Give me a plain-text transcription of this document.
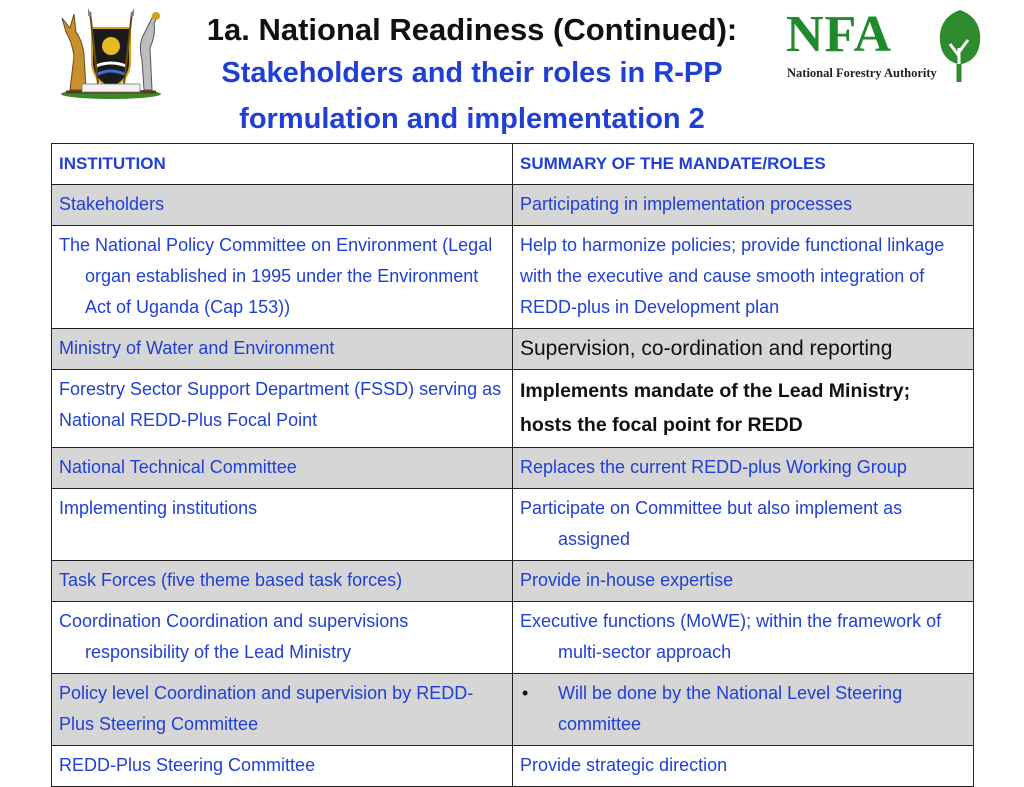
1a. National Readiness (Continued):
Stakeholders and their roles in R-PP
formulation and implementation 2
NFA
National Forestry Authority
INSTITUTION	SUMMARY OF THE MANDATE/ROLES
Stakeholders	Participating in implementation processes
The National Policy Committee on Environment (Legal organ established in 1995 under the Environment Act of Uganda (Cap 153))	Help to harmonize policies; provide functional linkage with the executive and cause smooth integration of REDD-plus in Development plan
Ministry of Water and Environment	Supervision, co-ordination and reporting
Forestry Sector Support Department (FSSD) serving as National REDD-Plus Focal Point	Implements mandate of the Lead Ministry; hosts the focal point for REDD
National Technical Committee	Replaces the current REDD-plus Working Group
Implementing institutions	Participate on Committee but also implement as assigned
Task Forces (five theme based task forces)	Provide in-house expertise
Coordination Coordination and supervisions responsibility of the Lead Ministry	Executive functions (MoWE); within the framework of multi-sector approach
Policy level Coordination and supervision by REDD-Plus Steering Committee	• Will be done by the National Level Steering committee
REDD-Plus Steering Committee	Provide strategic direction
